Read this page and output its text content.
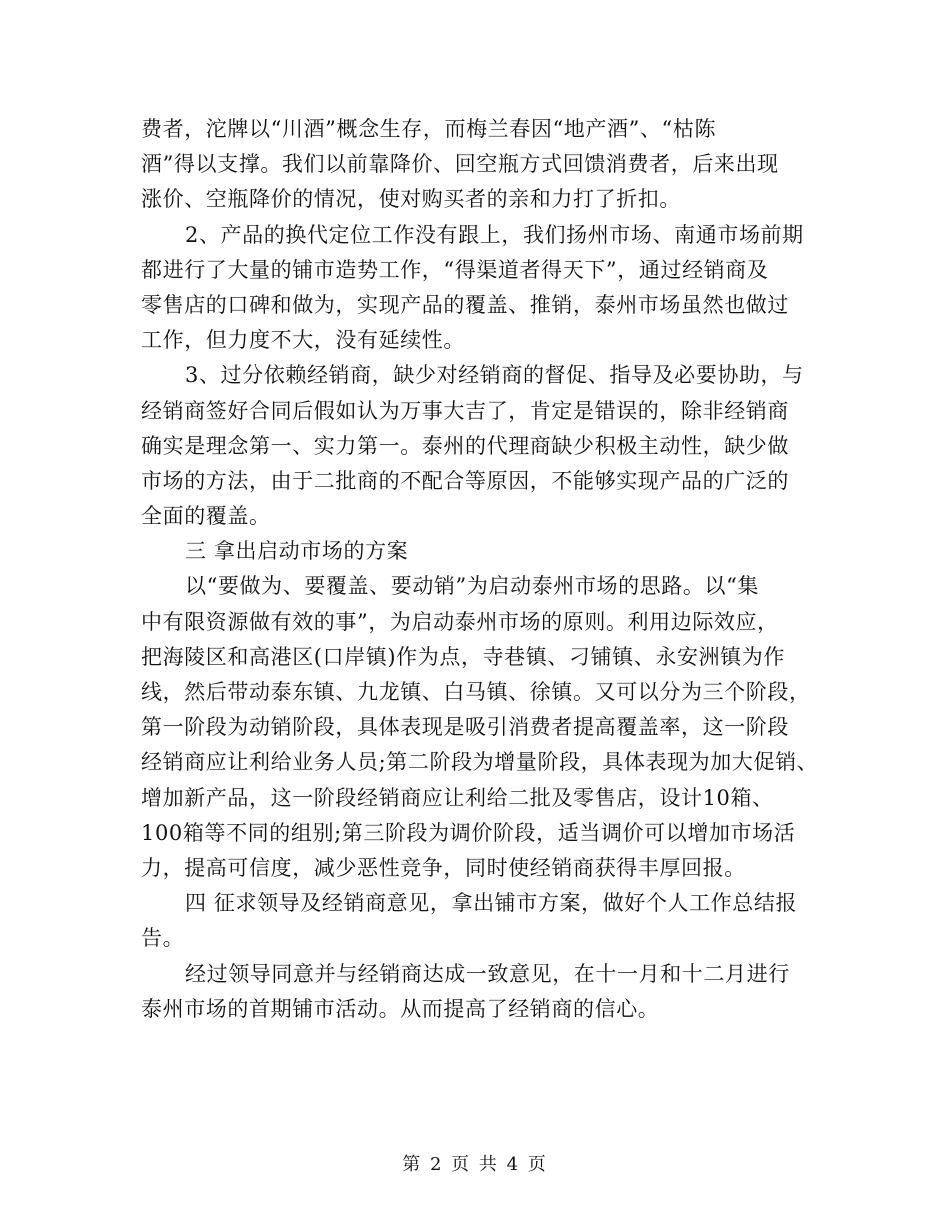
费者，沱牌以“川酒”概念生存，而梅兰春因“地产酒”、“枯陈
酒”得以支撑。我们以前靠降价、回空瓶方式回馈消费者，后来出现
涨价、空瓶降价的情况，使对购买者的亲和力打了折扣。
2、产品的换代定位工作没有跟上，我们扬州市场、南通市场前期
都进行了大量的铺市造势工作，“得渠道者得天下”，通过经销商及
零售店的口碑和做为，实现产品的覆盖、推销，泰州市场虽然也做过
工作，但力度不大，没有延续性。
3、过分依赖经销商，缺少对经销商的督促、指导及必要协助，与
经销商签好合同后假如认为万事大吉了，肯定是错误的，除非经销商
确实是理念第一、实力第一。泰州的代理商缺少积极主动性，缺少做
市场的方法，由于二批商的不配合等原因，不能够实现产品的广泛的
全面的覆盖。
三 拿出启动市场的方案
以“要做为、要覆盖、要动销”为启动泰州市场的思路。以“集
中有限资源做有效的事”，为启动泰州市场的原则。利用边际效应，
把海陵区和高港区(口岸镇)作为点，寺巷镇、刁铺镇、永安洲镇为作
线，然后带动泰东镇、九龙镇、白马镇、徐镇。又可以分为三个阶段，
第一阶段为动销阶段，具体表现是吸引消费者提高覆盖率，这一阶段
经销商应让利给业务人员;第二阶段为增量阶段，具体表现为加大促销、
增加新产品，这一阶段经销商应让利给二批及零售店，设计10箱、
100箱等不同的组别;第三阶段为调价阶段，适当调价可以增加市场活
力，提高可信度，减少恶性竞争，同时使经销商获得丰厚回报。
四 征求领导及经销商意见，拿出铺市方案，做好个人工作总结报
告。
经过领导同意并与经销商达成一致意见，在十一月和十二月进行
泰州市场的首期铺市活动。从而提高了经销商的信心。
第 2 页 共 4 页
